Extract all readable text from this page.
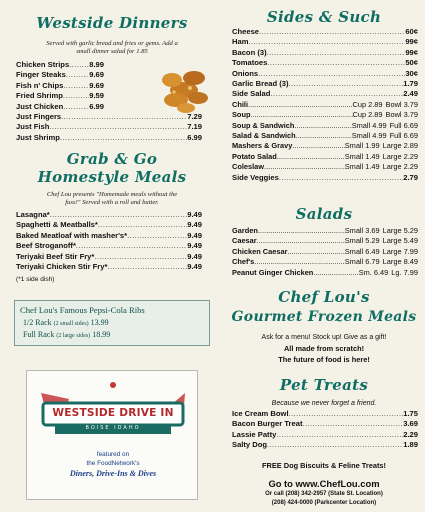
Westside Dinners
Served with garlic bread and fries or gems. Add a
small dinner salad for 1.85
Chicken Strips .....	8.99
Finger Steaks .....	9.69
Fish n' Chips .....	9.69
Fried Shrimp .....	9.59
Just Chicken .....	6.99
Just Fingers .....	7.29
Just Fish .....	7.19
Just Shrimp .....	6.99
Grab & Go
Homestyle Meals
Chef Lou presents "Homemade meals without the
fuss!" Served with a roll and butter.
Lasagna* .....	9.49
Spaghetti & Meatballs* .....	9.49
Baked Meatloaf with masher's* .....	9.49
Beef Stroganoff* .....	9.49
Teriyaki Beef Stir Fry* .....	9.49
Teriyaki Chicken Stir Fry* .....	9.49
(*1 side dish)
Chef Lou's Famous Pepsi-Cola Ribs
1/2 Rack (2 small sides) 13.99
Full Rack (2 large sides) 18.99
WESTSIDE DRIVE IN
BOISE IDAHO
featured on
the FoodNetwork's
Diners, Drive-Ins & Dives
Sides & Such
Cheese .....	60¢
Ham .....	99¢
Bacon (3) .....	99¢
Tomatoes .....	50¢
Onions .....	30¢
Garlic Bread (3) .....	1.79
Side Salad .....	2.49
Chili .....	Cup 2.89 Bowl 3.79
Soup .....	Cup 2.89 Bowl 3.79
Soup & Sandwich .....	Small 4.99 Full 6.69
Salad & Sandwich .....	Small 4.99 Full 6.69
Mashers & Gravy .....	Small 1.99 Large 2.89
Potato Salad .....	Small 1.49 Large 2.29
Coleslaw .....	Small 1.49 Large 2.29
Side Veggies .....	2.79
Salads
Garden .....	Small 3.69 Large 5.29
Caesar .....	Small 5.29 Large 5.49
Chicken Caesar .....	Small 6.49 Large 7.99
Chef's .....	Small 6.79 Large 8.49
Peanut Ginger Chicken .....	Sm. 6.49 Lg. 7.99
Chef Lou's
Gourmet Frozen Meals
Ask for a menu! Stock up! Give as a gift!
All made from scratch!
The future of food is here!
Pet Treats
Because we never forget a friend.
Ice Cream Bowl .....	1.75
Bacon Burger Treat .....	3.69
Lassie Patty .....	2.29
Salty Dog .....	1.89
FREE Dog Biscuits & Feline Treats!
Go to www.ChefLou.com
Or call (208) 342-2957 (State St. Location)
(208) 424-0000 (Parkcenter Location)
